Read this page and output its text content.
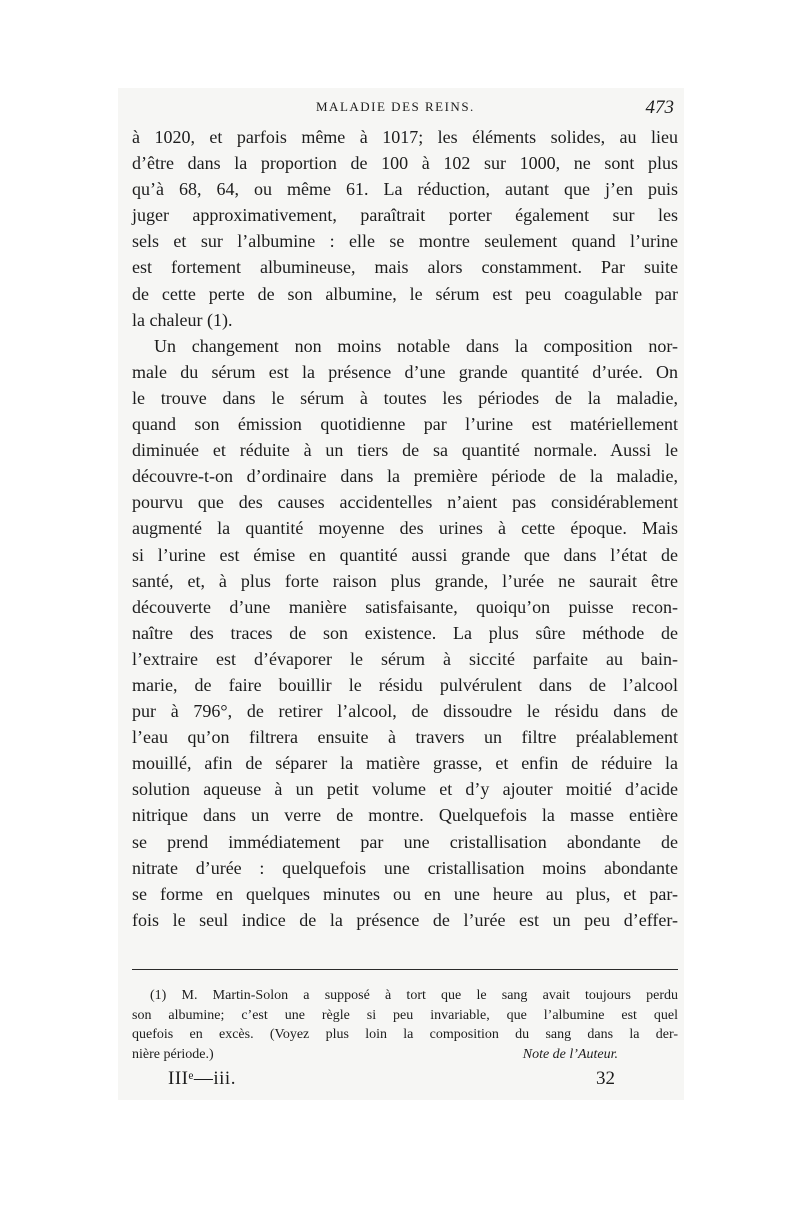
MALADIE DES REINS.	473
à 1020, et parfois même à 1017; les éléments solides, au lieu
d’être dans la proportion de 100 à 102 sur 1000, ne sont plus
qu’à 68, 64, ou même 61. La réduction, autant que j’en puis
juger approximativement, paraîtrait porter également sur les
sels et sur l’albumine : elle se montre seulement quand l’urine
est fortement albumineuse, mais alors constamment. Par suite
de cette perte de son albumine, le sérum est peu coagulable par
la chaleur (1).
Un changement non moins notable dans la composition nor-
male du sérum est la présence d’une grande quantité d’urée. On
le trouve dans le sérum à toutes les périodes de la maladie,
quand son émission quotidienne par l’urine est matériellement
diminuée et réduite à un tiers de sa quantité normale. Aussi le
découvre-t-on d’ordinaire dans la première période de la maladie,
pourvu que des causes accidentelles n’aient pas considérablement
augmenté la quantité moyenne des urines à cette époque. Mais
si l’urine est émise en quantité aussi grande que dans l’état de
santé, et, à plus forte raison plus grande, l’urée ne saurait être
découverte d’une manière satisfaisante, quoiqu’on puisse recon-
naître des traces de son existence. La plus sûre méthode de
l’extraire est d’évaporer le sérum à siccité parfaite au bain-
marie, de faire bouillir le résidu pulvérulent dans de l’alcool
pur à 796°, de retirer l’alcool, de dissoudre le résidu dans de
l’eau qu’on filtrera ensuite à travers un filtre préalablement
mouillé, afin de séparer la matière grasse, et enfin de réduire la
solution aqueuse à un petit volume et d’y ajouter moitié d’acide
nitrique dans un verre de montre. Quelquefois la masse entière
se prend immédiatement par une cristallisation abondante de
nitrate d’urée : quelquefois une cristallisation moins abondante
se forme en quelques minutes ou en une heure au plus, et par-
fois le seul indice de la présence de l’urée est un peu d’effer-
(1) M. Martin-Solon a supposé à tort que le sang avait toujours perdu
son albumine; c’est une règle si peu invariable, que l’albumine est quel
quefois en excès. (Voyez plus loin la composition du sang dans la der-
nière période.)	Note de l’Auteur.
IIIᵉ—iii.	32
